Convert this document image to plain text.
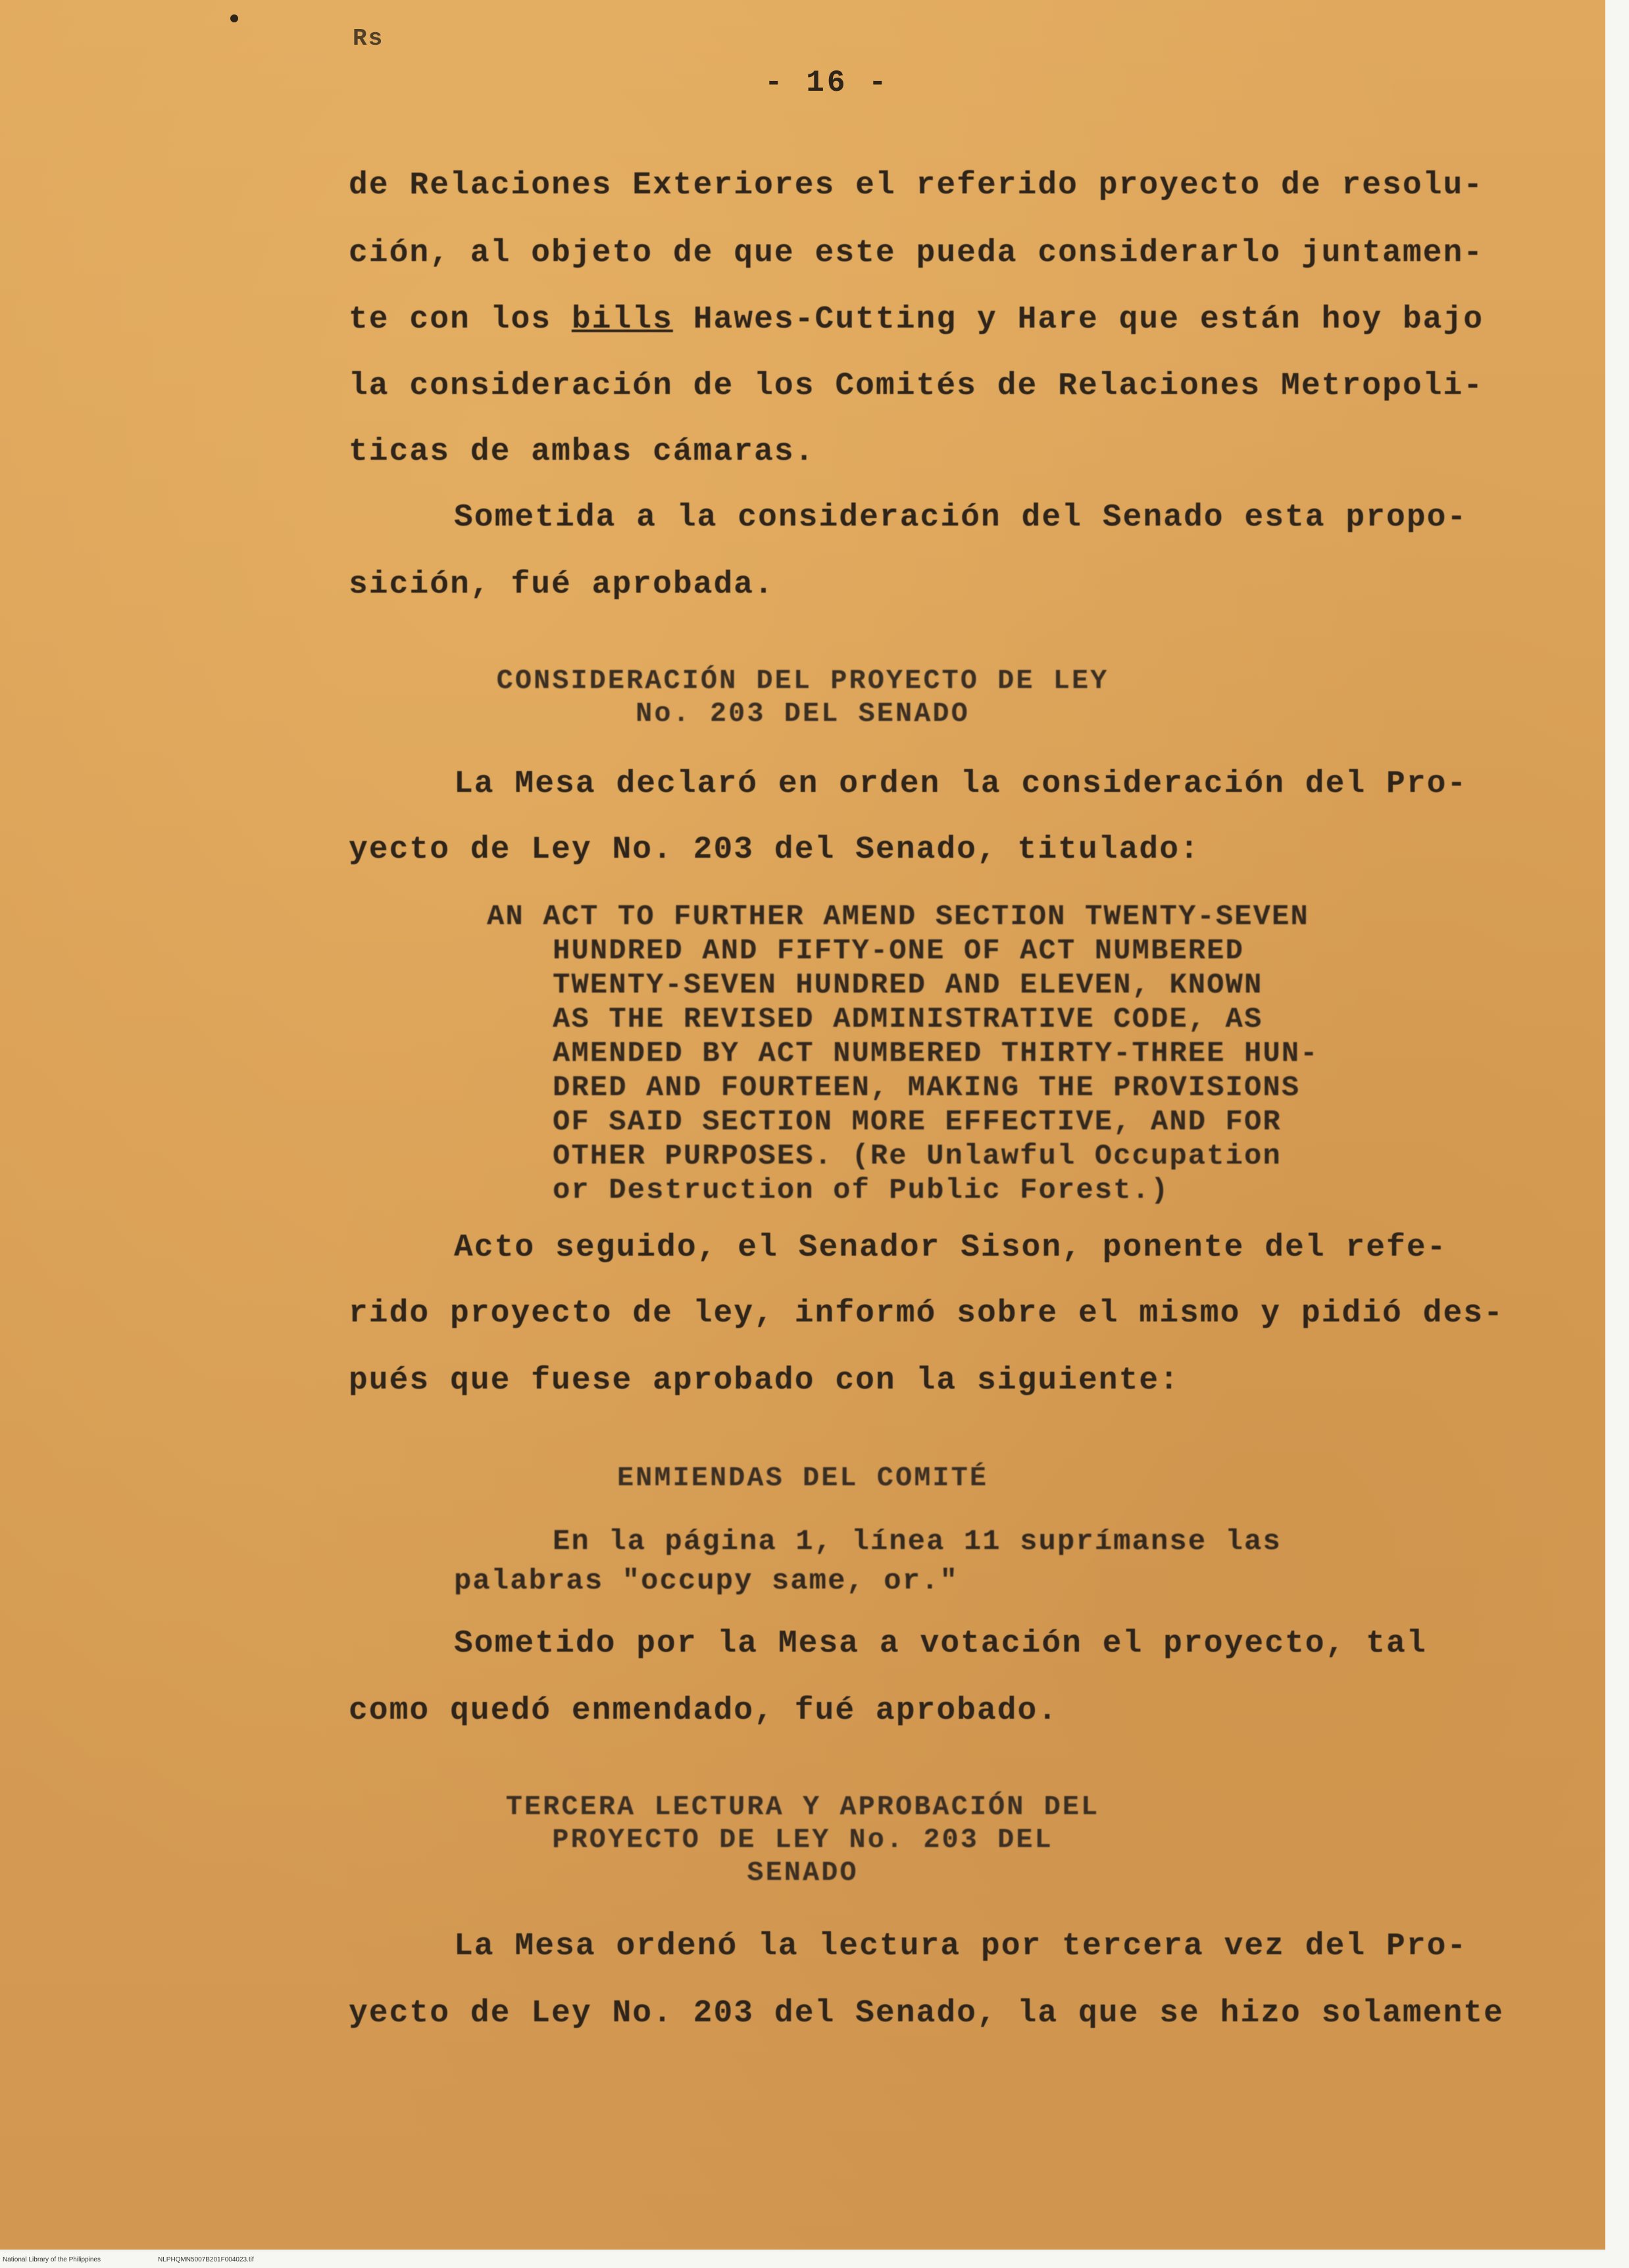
Rs
- 16 -
de Relaciones Exteriores el referido proyecto de resolu-
ción, al objeto de que este pueda considerarlo juntamen-
te con los bills Hawes-Cutting y Hare que están hoy bajo
la consideración de los Comités de Relaciones Metropoli-
ticas de ambas cámaras.
Sometida a la consideración del Senado esta propo-
sición, fué aprobada.
CONSIDERACIÓN DEL PROYECTO DE LEY
No. 203 DEL SENADO
La Mesa declaró en orden la consideración del Pro-
yecto de Ley No. 203 del Senado, titulado:
AN ACT TO FURTHER AMEND SECTION TWENTY-SEVEN
HUNDRED AND FIFTY-ONE OF ACT NUMBERED
TWENTY-SEVEN HUNDRED AND ELEVEN, KNOWN
AS THE REVISED ADMINISTRATIVE CODE, AS
AMENDED BY ACT NUMBERED THIRTY-THREE HUN-
DRED AND FOURTEEN, MAKING THE PROVISIONS
OF SAID SECTION MORE EFFECTIVE, AND FOR
OTHER PURPOSES. (Re Unlawful Occupation
or Destruction of Public Forest.)
Acto seguido, el Senador Sison, ponente del refe-
rido proyecto de ley, informó sobre el mismo y pidió des-
pués que fuese aprobado con la siguiente:
ENMIENDAS DEL COMITÉ
En la página 1, línea 11 suprímanse las
palabras "occupy same, or."
Sometido por la Mesa a votación el proyecto, tal
como quedó enmendado, fué aprobado.
TERCERA LECTURA Y APROBACIÓN DEL
PROYECTO DE LEY No. 203 DEL
SENADO
La Mesa ordenó la lectura por tercera vez del Pro-
yecto de Ley No. 203 del Senado, la que se hizo solamente
National Library of the Philippines	NLPHQMN5007B201F004023.tif
